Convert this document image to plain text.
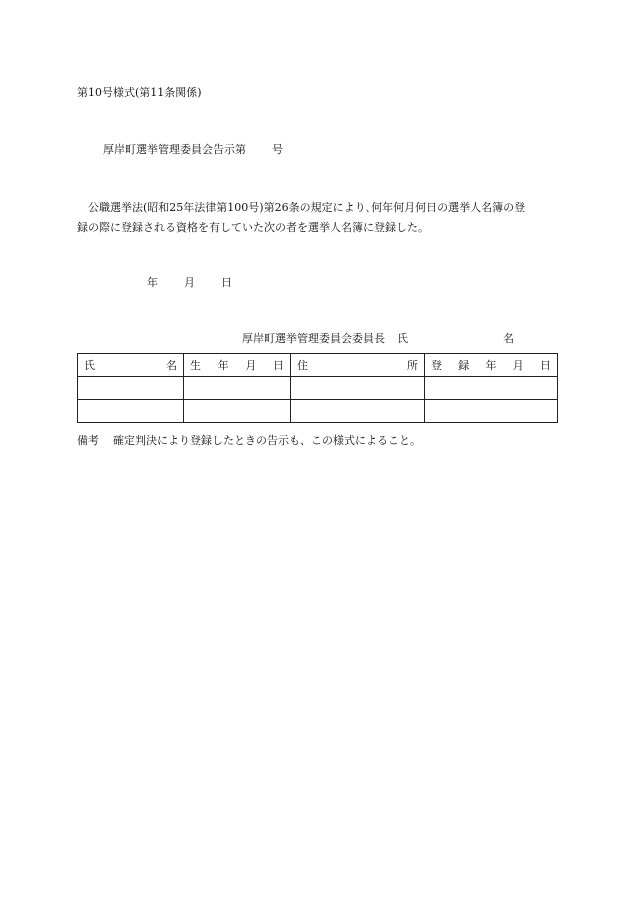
第10号様式(第11条関係)
厚岸町選挙管理委員会告示第 号
公職選挙法(昭和25年法律第100号)第26条の規定により､何年何月何日の選挙人名簿の登
録の際に登録される資格を有していた次の者を選挙人名簿に登録した。
年 月 日
厚岸町選挙管理委員会委員長 氏	名
氏 名	生 年 月 日	住 所	登 録 年 月 日

備考 確定判決により登録したときの告示も、この様式によること。
